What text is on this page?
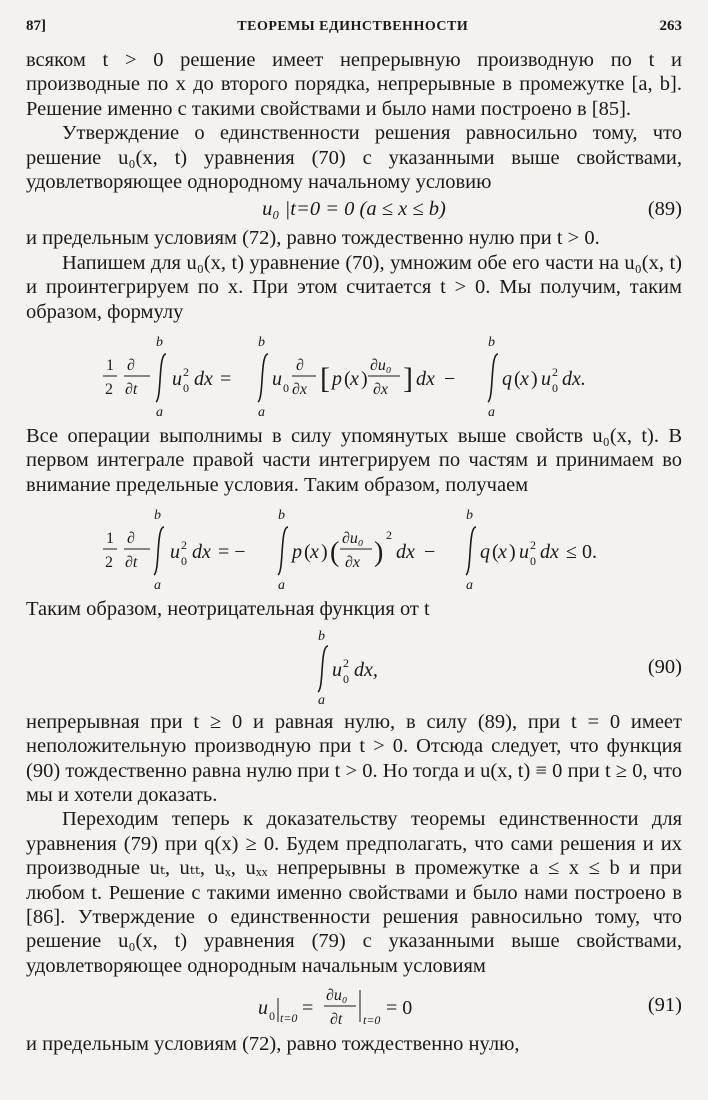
87]	ТЕОРЕМЫ ЕДИНСТВЕННОСТИ	263

всяком t > 0 решение имеет непрерывную производную по t и производные по x до второго порядка, непрерывные в промежутке [a, b]. Решение именно с такими свойствами и было нами построено в [85].

Утверждение о единственности решения равносильно тому, что решение u₀(x, t) уравнения (70) с указанными выше свойствами, удовлетворяющее однородному начальному условию

u₀ |t=0 = 0 (a ≤ x ≤ b)	(89)

и предельным условиям (72), равно тождественно нулю при t > 0.

Напишем для u₀(x, t) уравнение (70), умножим обе его части на u₀(x, t) и проинтегрируем по x. При этом считается t > 0. Мы получим, таким образом, формулу

1
2
∂
∂t
b
a
u 0
2 dx =
b
a
u 0
∂
∂x [ p ( x )
∂u₀
∂x ] dx −
b
a
q ( x ) u 0
2 dx.

Все операции выполнимы в силу упомянутых выше свойств u₀(x, t). В первом интеграле правой части интегрируем по частям и принимаем во внимание предельные условия. Таким образом, получаем

1
2
∂
∂t
b
a
u 0
2 dx = −
b
a
p ( x ) ( ∂u₀
∂x )
2
dx −
b
a
q ( x ) u 0
2 dx ≤ 0.

Таким образом, неотрицательная функция от t

b
a
u 0
2 dx,	(90)

непрерывная при t ≥ 0 и равная нулю, в силу (89), при t = 0 имеет неположительную производную при t > 0. Отсюда следует, что функция (90) тождественно равна нулю при t > 0. Но тогда и u(x, t) ≡ 0 при t ≥ 0, что мы и хотели доказать.

Переходим теперь к доказательству теоремы единственности для уравнения (79) при q(x) ≥ 0. Будем предполагать, что сами решения и их производные uₜ, uₜₜ, uₓ, uₓₓ непрерывны в промежутке a ≤ x ≤ b и при любом t. Решение с такими именно свойствами и было нами построено в [86]. Утверждение о единственности решения равносильно тому, что решение u₀(x, t) уравнения (79) с указанными выше свойствами, удовлетворяющее однородным начальным условиям

u 0 t=0 =
∂u₀
∂t t=0
= 0	(91)

и предельным условиям (72), равно тождественно нулю,
